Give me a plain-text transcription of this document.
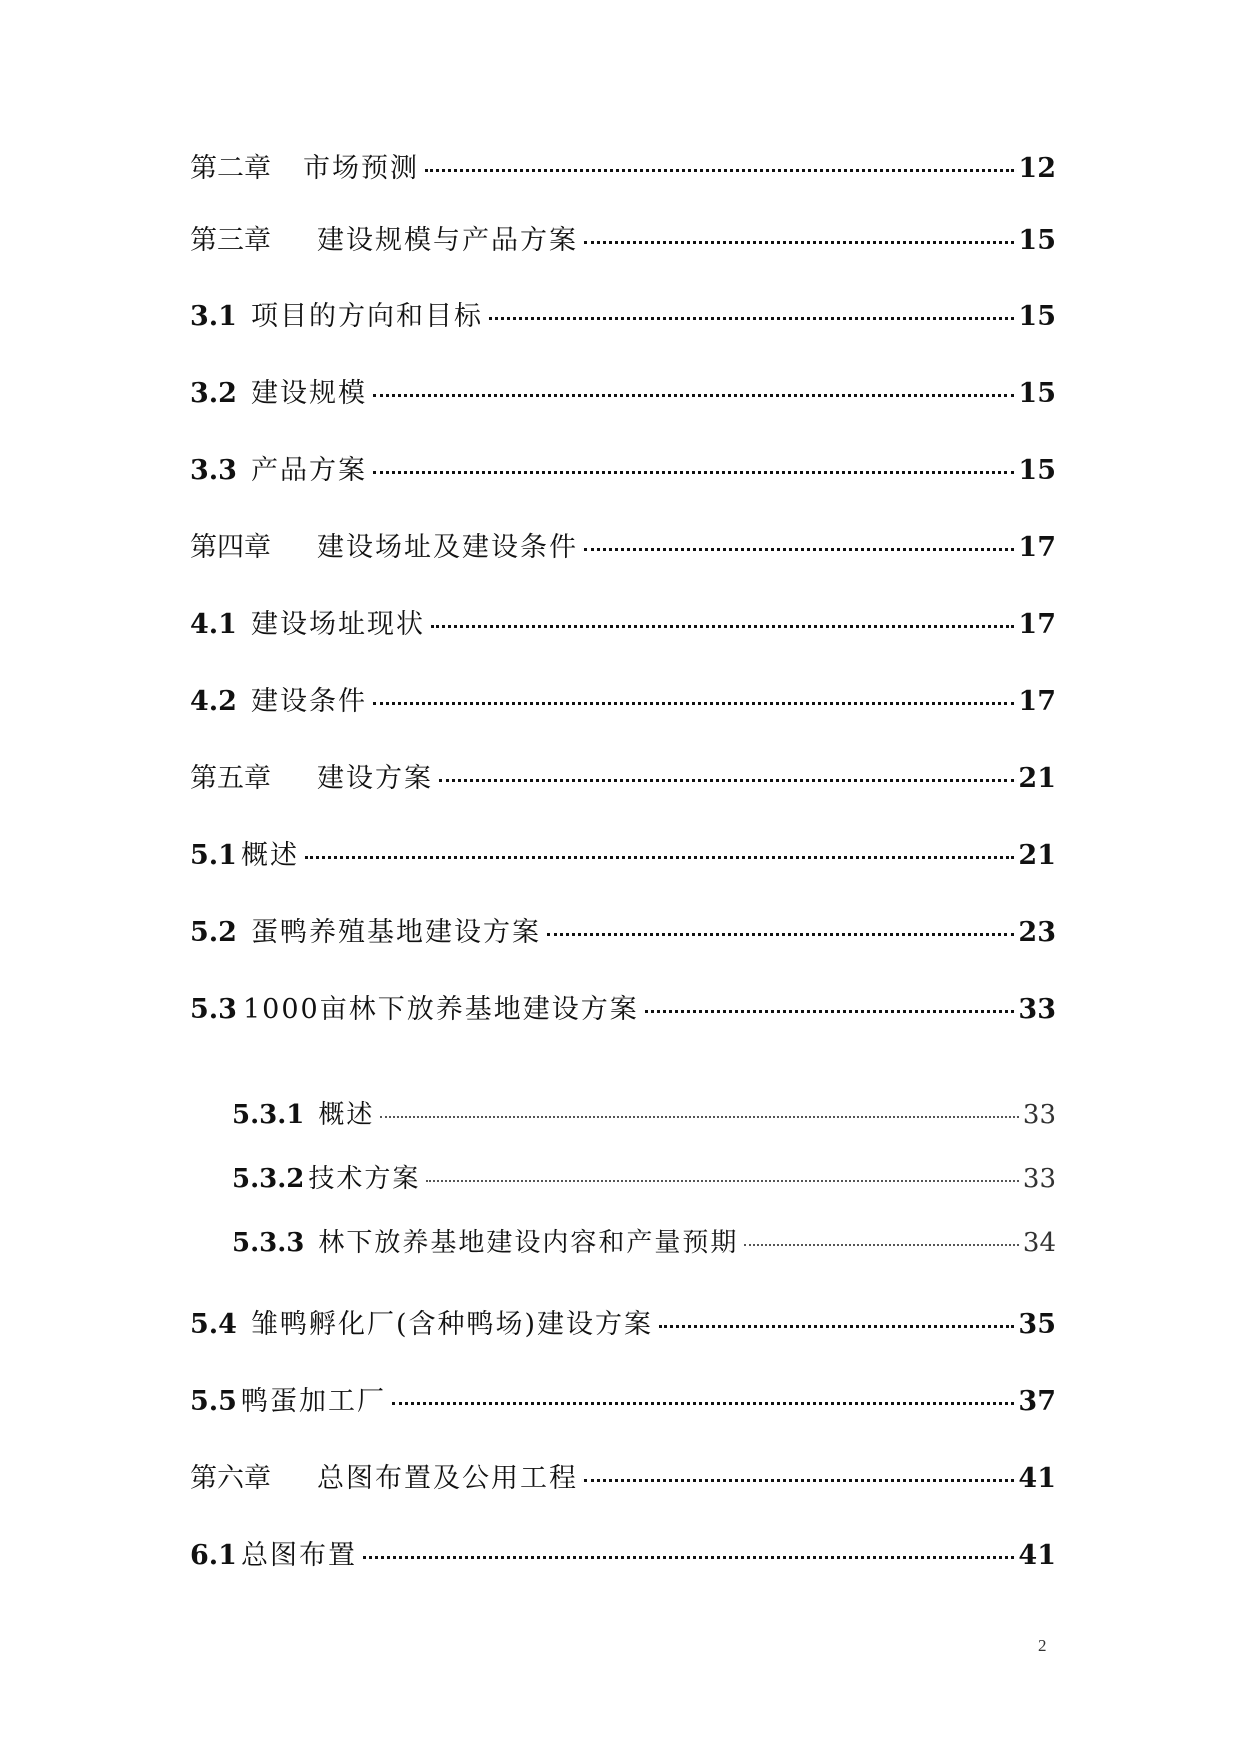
第二章 市场预测	12
第三章 建设规模与产品方案	15
3.1 项目的方向和目标	15
3.2 建设规模	15
3.3 产品方案	15
第四章 建设场址及建设条件	17
4.1 建设场址现状	17
4.2 建设条件	17
第五章 建设方案	21
5.1 概述	21
5.2 蛋鸭养殖基地建设方案	23
5.3 1000亩林下放养基地建设方案	33
5.3.1 概述	33
5.3.2 技术方案	33
5.3.3 林下放养基地建设内容和产量预期	34
5.4 雏鸭孵化厂(含种鸭场)建设方案	35
5.5 鸭蛋加工厂	37
第六章 总图布置及公用工程	41
6.1 总图布置	41
2
